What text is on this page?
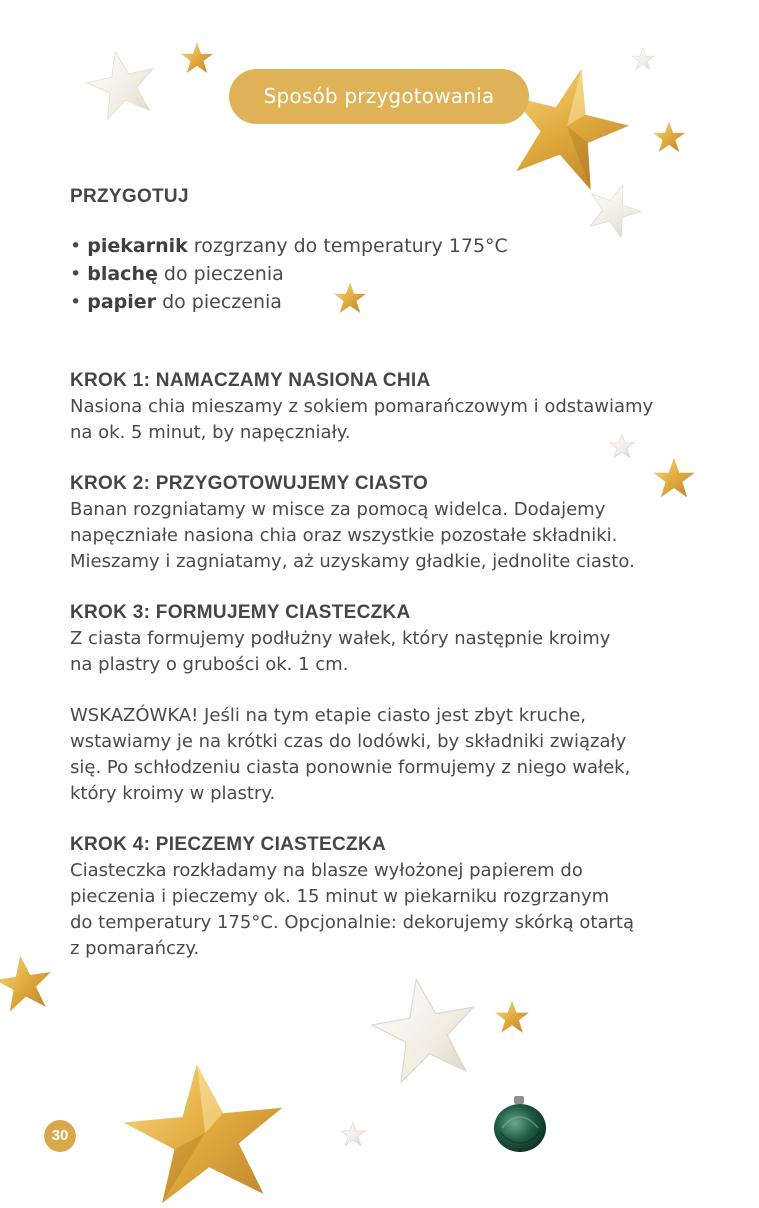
Sposób przygotowania
PRZYGOTUJ
• piekarnik rozgrzany do temperatury 175°C
• blachę do pieczenia
• papier do pieczenia
KROK 1: NAMACZAMY NASIONA CHIA

Nasiona chia mieszamy z sokiem pomarańczowym i odstawiamy
na ok. 5 minut, by napęczniały.

KROK 2: PRZYGOTOWUJEMY CIASTO

Banan rozgniatamy w misce za pomocą widelca. Dodajemy
napęczniałe nasiona chia oraz wszystkie pozostałe składniki.
Mieszamy i zagniatamy, aż uzyskamy gładkie, jednolite ciasto.

KROK 3: FORMUJEMY CIASTECZKA

Z ciasta formujemy podłużny wałek, który następnie kroimy
na plastry o grubości ok. 1 cm.

WSKAZÓWKA! Jeśli na tym etapie ciasto jest zbyt kruche,
wstawiamy je na krótki czas do lodówki, by składniki związały
się. Po schłodzeniu ciasta ponownie formujemy z niego wałek,
który kroimy w plastry.

KROK 4: PIECZEMY CIASTECZKA

Ciasteczka rozkładamy na blasze wyłożonej papierem do
pieczenia i pieczemy ok. 15 minut w piekarniku rozgrzanym
do temperatury 175°C. Opcjonalnie: dekorujemy skórką otartą
z pomarańczy.

30
